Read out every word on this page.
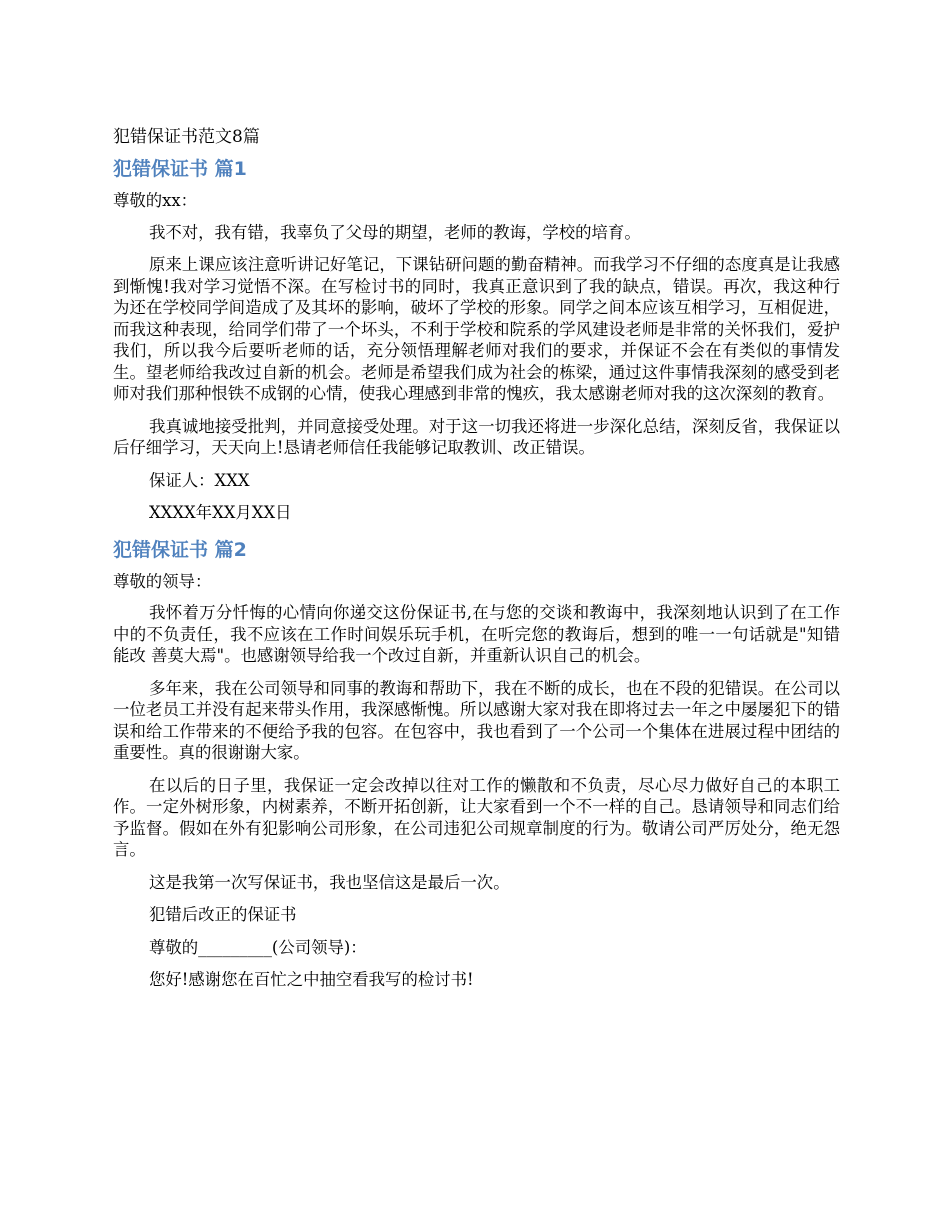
犯错保证书范文8篇
犯错保证书 篇1
尊敬的xx：
我不对，我有错，我辜负了父母的期望，老师的教诲，学校的培育。
原来上课应该注意听讲记好笔记，下课钻研问题的勤奋精神。而我学习不仔细的态度真是让我感到惭愧!我对学习觉悟不深。在写检讨书的同时，我真正意识到了我的缺点，错误。再次，我这种行为还在学校同学间造成了及其坏的影响，破坏了学校的形象。同学之间本应该互相学习，互相促进，而我这种表现，给同学们带了一个坏头，不利于学校和院系的学风建设老师是非常的关怀我们，爱护我们，所以我今后要听老师的话，充分领悟理解老师对我们的要求，并保证不会在有类似的事情发生。望老师给我改过自新的机会。老师是希望我们成为社会的栋梁，通过这件事情我深刻的感受到老师对我们那种恨铁不成钢的心情，使我心理感到非常的愧疚，我太感谢老师对我的这次深刻的教育。
我真诚地接受批判，并同意接受处理。对于这一切我还将进一步深化总结，深刻反省，我保证以后仔细学习，天天向上!恳请老师信任我能够记取教训、改正错误。
保证人：XXX
XXXX年XX月XX日
犯错保证书 篇2
尊敬的领导：
我怀着万分忏悔的心情向你递交这份保证书,在与您的交谈和教诲中，我深刻地认识到了在工作中的不负责任，我不应该在工作时间娱乐玩手机，在听完您的教诲后，想到的唯一一句话就是"知错能改 善莫大焉"。也感谢领导给我一个改过自新，并重新认识自己的机会。
多年来，我在公司领导和同事的教诲和帮助下，我在不断的成长，也在不段的犯错误。在公司以一位老员工并没有起来带头作用，我深感惭愧。所以感谢大家对我在即将过去一年之中屡屡犯下的错误和给工作带来的不便给予我的包容。在包容中，我也看到了一个公司一个集体在进展过程中团结的重要性。真的很谢谢大家。
在以后的日子里，我保证一定会改掉以往对工作的懒散和不负责，尽心尽力做好自己的本职工作。一定外树形象，内树素养，不断开拓创新，让大家看到一个不一样的自己。恳请领导和同志们给予监督。假如在外有犯影响公司形象，在公司违犯公司规章制度的行为。敬请公司严厉处分，绝无怨言。
这是我第一次写保证书，我也坚信这是最后一次。
犯错后改正的保证书
尊敬的_________(公司领导)：
您好!感谢您在百忙之中抽空看我写的检讨书!
